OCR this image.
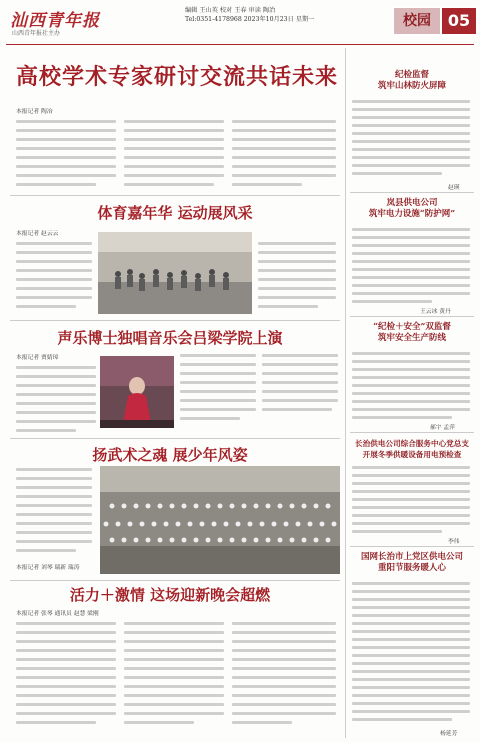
汕西青年报
山西青年报社主办
编辑 王山英 校对 王春 审读 陶冶
Tel:0351-4178968 2023年10月23日 星期一	校园	05
高校学术专家研讨交流共话未来
本报记者 陶冶
体育嘉年华 运动展风采
本报记者 赵云云
声乐博士独唱音乐会吕梁学院上演
本报记者 贾婧璋
扬武术之魂 展少年风姿
本报记者 刘琴 瑞新 瑞涛
活力＋激情 这场迎新晚会超燃
本报记者 张琴 通讯员 赵慧 梁刚
纪检监督
筑牢山林防火屏障
赵瑛
岚县供电公司
筑牢电力设施“防护网”
王云冰 黄丹
“纪检＋安全”双监督
筑牢安全生产防线
郝宇 孟萍
长治供电公司综合服务中心党总支
开展冬季供暖设备用电预检查
李伟
国网长治市上党区供电公司
重阳节服务暖人心
杨延芳
